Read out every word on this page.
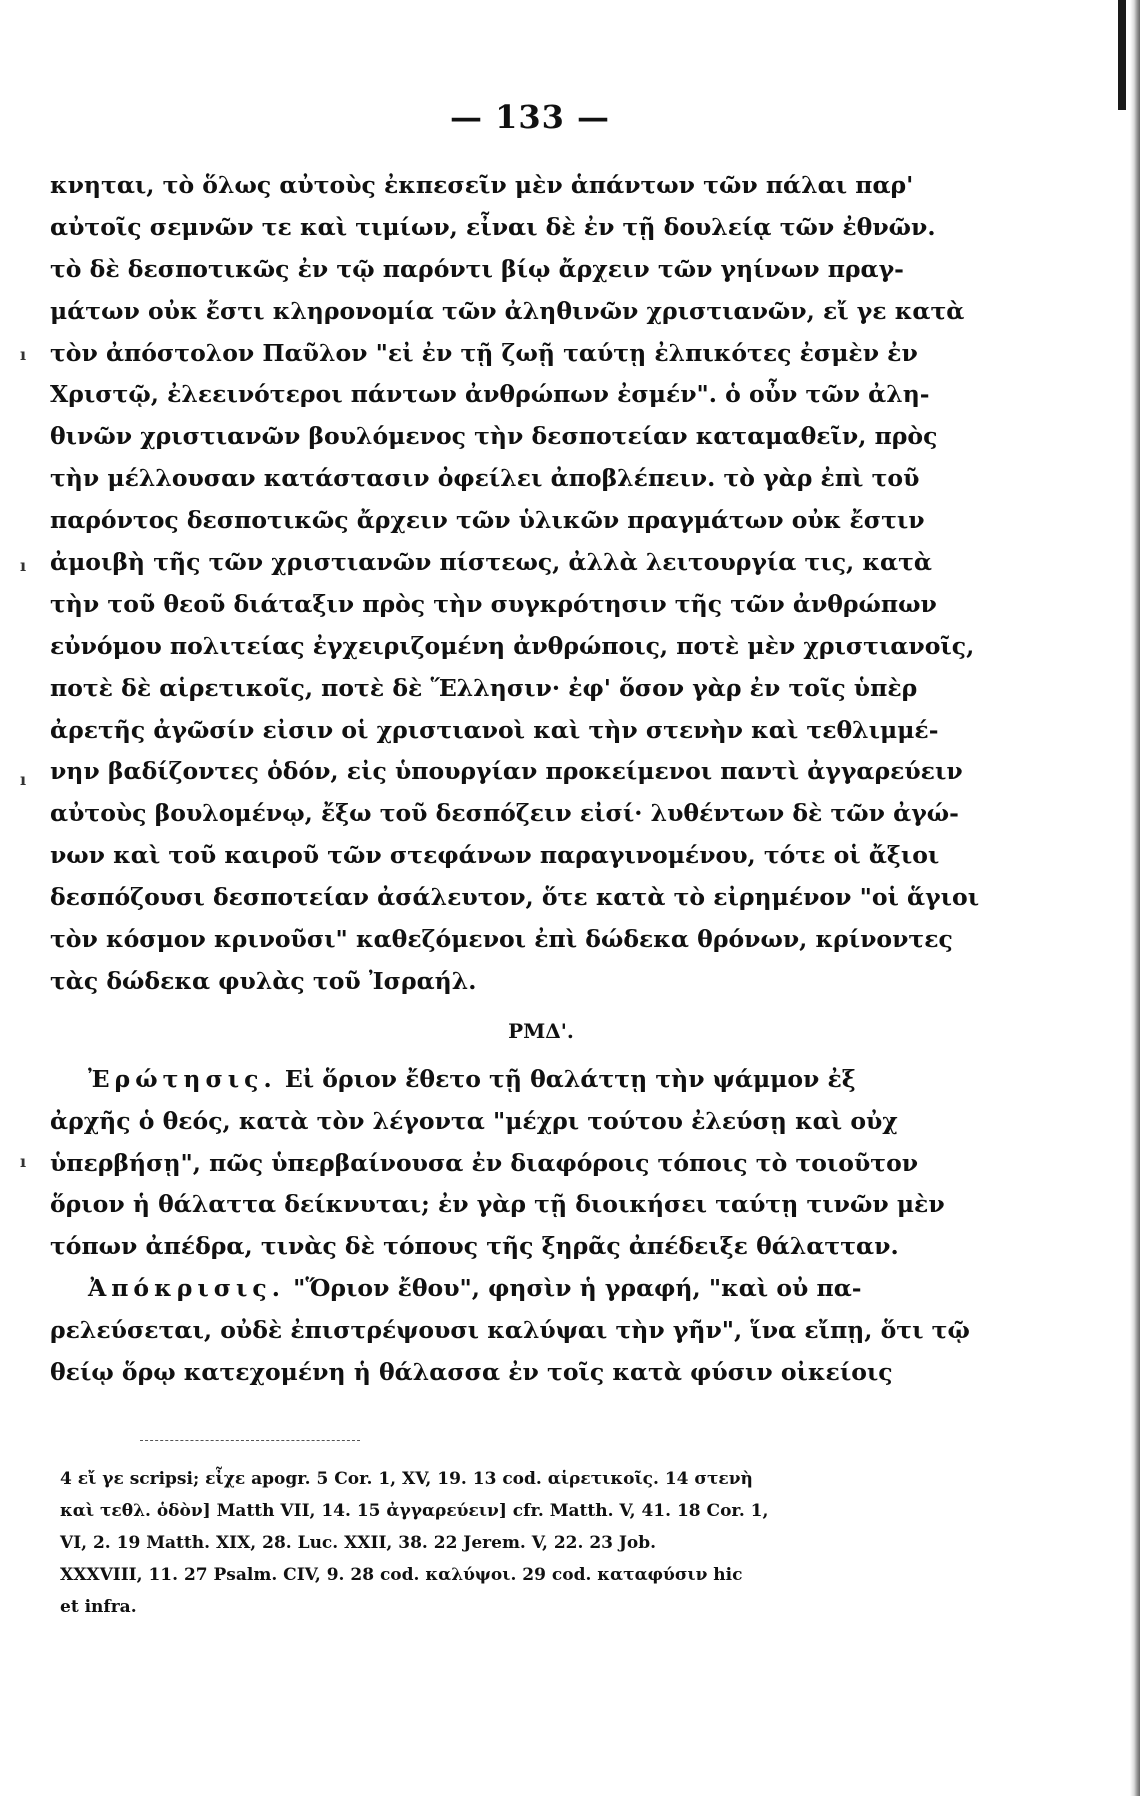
— 133 —
κνηται, τὸ ὅλως αὐτοὺς ἐκπεσεῖν μὲν ἁπάντων τῶν πάλαι παρ'
αὐτοῖς σεμνῶν τε καὶ τιμίων, εἶναι δὲ ἐν τῇ δουλείᾳ τῶν ἐθνῶν.
τὸ δὲ δεσποτικῶς ἐν τῷ παρόντι βίῳ ἄρχειν τῶν γηίνων πραγ-
μάτων οὐκ ἔστι κληρονομία τῶν ἀληθινῶν χριστιανῶν, εἴ γε κατὰ
τὸν ἀπόστολον Παῦλον "εἰ ἐν τῇ ζωῇ ταύτῃ ἐλπικότες ἐσμὲν ἐν
Χριστῷ, ἐλεεινότεροι πάντων ἀνθρώπων ἐσμέν". ὁ οὖν τῶν ἀλη-
θινῶν χριστιανῶν βουλόμενος τὴν δεσποτείαν καταμαθεῖν, πρὸς
τὴν μέλλουσαν κατάστασιν ὀφείλει ἀποβλέπειν. τὸ γὰρ ἐπὶ τοῦ
παρόντος δεσποτικῶς ἄρχειν τῶν ὑλικῶν πραγμάτων οὐκ ἔστιν
ἀμοιβὴ τῆς τῶν χριστιανῶν πίστεως, ἀλλὰ λειτουργία τις, κατὰ
τὴν τοῦ θεοῦ διάταξιν πρὸς τὴν συγκρότησιν τῆς τῶν ἀνθρώπων
εὐνόμου πολιτείας ἐγχειριζομένη ἀνθρώποις, ποτὲ μὲν χριστιανοῖς,
ποτὲ δὲ αἱρετικοῖς, ποτὲ δὲ Ἕλλησιν· ἐφ' ὅσον γὰρ ἐν τοῖς ὑπὲρ
ἀρετῆς ἀγῶσίν εἰσιν οἱ χριστιανοὶ καὶ τὴν στενὴν καὶ τεθλιμμέ-
νην βαδίζοντες ὁδόν, εἰς ὑπουργίαν προκείμενοι παντὶ ἀγγαρεύειν
αὐτοὺς βουλομένῳ, ἔξω τοῦ δεσπόζειν εἰσί· λυθέντων δὲ τῶν ἀγώ-
νων καὶ τοῦ καιροῦ τῶν στεφάνων παραγινομένου, τότε οἱ ἄξιοι
δεσπόζουσι δεσποτείαν ἀσάλευτον, ὅτε κατὰ τὸ εἰρημένον "οἱ ἅγιοι
τὸν κόσμον κρινοῦσι" καθεζόμενοι ἐπὶ δώδεκα θρόνων, κρίνοντες
τὰς δώδεκα φυλὰς τοῦ Ἰσραήλ.
ΡΜΔ'.
Ἐρώτησις. Εἰ ὅριον ἔθετο τῇ θαλάττῃ τὴν ψάμμον ἐξ
ἀρχῆς ὁ θεός, κατὰ τὸν λέγοντα "μέχρι τούτου ἐλεύσῃ καὶ οὐχ
ὑπερβήσῃ", πῶς ὑπερβαίνουσα ἐν διαφόροις τόποις τὸ τοιοῦτον
ὅριον ἡ θάλαττα δείκνυται; ἐν γὰρ τῇ διοικήσει ταύτῃ τινῶν μὲν
τόπων ἀπέδρα, τινὰς δὲ τόπους τῆς ξηρᾶς ἀπέδειξε θάλατταν.
Ἀπόκρισις. "Ὅριον ἔθου", φησὶν ἡ γραφή, "καὶ οὐ πα-
ρελεύσεται, οὐδὲ ἐπιστρέψουσι καλύψαι τὴν γῆν", ἵνα εἴπῃ, ὅτι τῷ
θείῳ ὅρῳ κατεχομένη ἡ θάλασσα ἐν τοῖς κατὰ φύσιν οἰκείοις
ı
ı
ı
ı
4 εἴ γε scripsi; εἶχε apogr. 5 Cor. 1, XV, 19. 13 cod. αἱρετικοῖς. 14 στενὴ
καὶ τεθλ. ὁδὸν] Matth VII, 14. 15 ἀγγαρεύειν] cfr. Matth. V, 41. 18 Cor. 1,
VI, 2. 19 Matth. XIX, 28. Luc. XXII, 38. 22 Jerem. V, 22. 23 Job.
XXXVIII, 11. 27 Psalm. CIV, 9. 28 cod. καλύψοι. 29 cod. καταφύσιν hic
et infra.
